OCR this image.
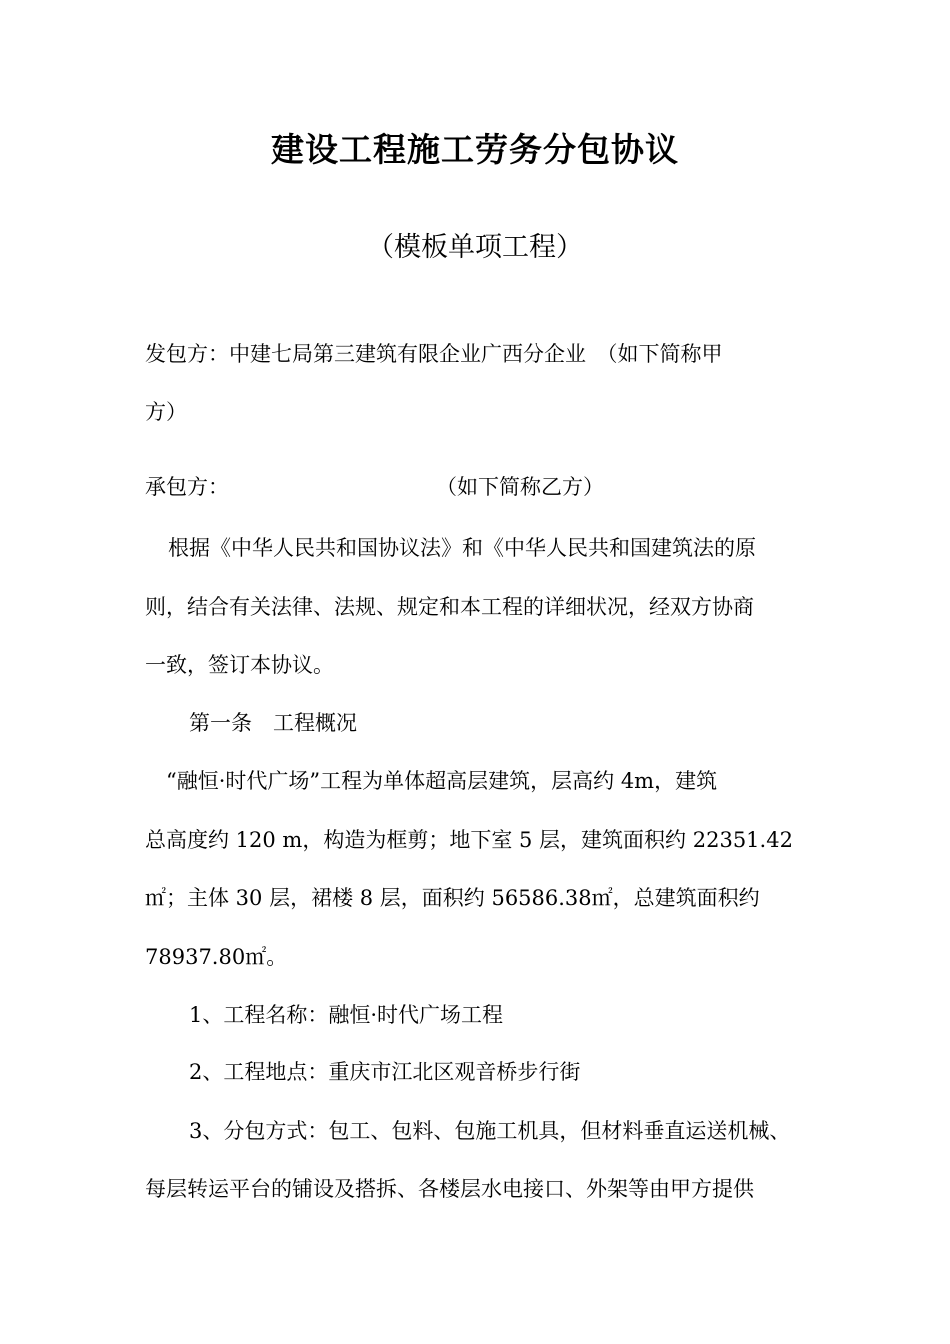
建设工程施工劳务分包协议
（模板单项工程）
发包方：中建七局第三建筑有限企业广西分企业　（如下简称甲
方）
承包方：	（如下简称乙方）
根据《中华人民共和国协议法》和《中华人民共和国建筑法的原
则，结合有关法律、法规、规定和本工程的详细状况，经双方协商
一致，签订本协议。
第一条　工程概况
“融恒·时代广场”工程为单体超高层建筑，层高约 4m，建筑
总高度约 120 m，构造为框剪；地下室 5 层，建筑面积约 22351.42
㎡；主体 30 层，裙楼 8 层，面积约 56586.38㎡，总建筑面积约
78937.80㎡。
1、工程名称：融恒·时代广场工程
2、工程地点：重庆市江北区观音桥步行街
3、分包方式：包工、包料、包施工机具，但材料垂直运送机械、
每层转运平台的铺设及搭拆、各楼层水电接口、外架等由甲方提供
